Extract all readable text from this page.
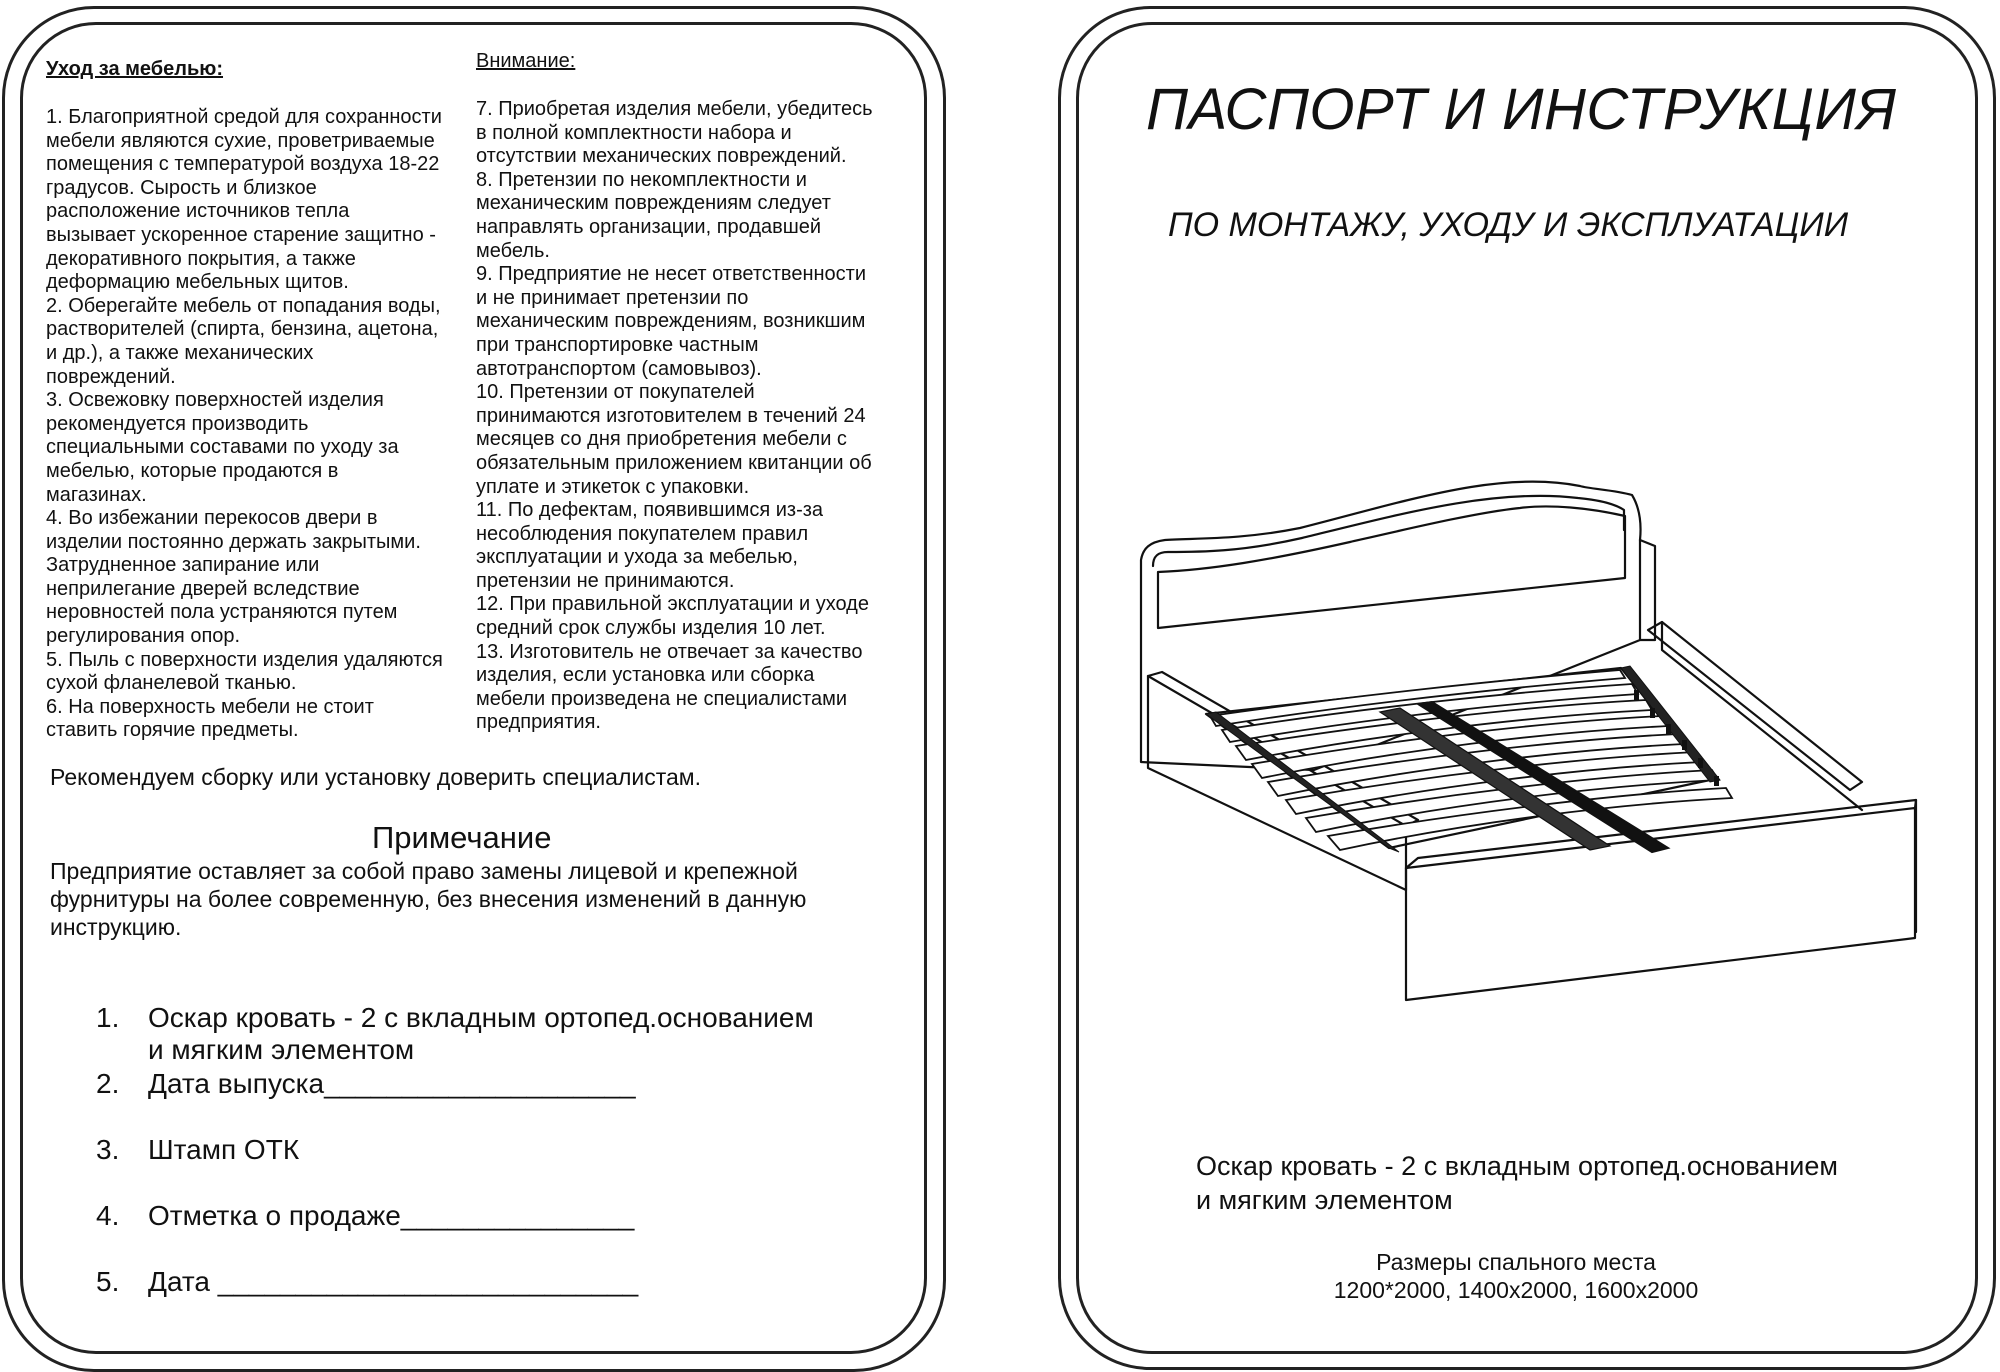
Уход за мебелью:
1. Благоприятной средой для сохранности
мебели являются сухие, проветриваемые
помещения с температурой воздуха 18-22
градусов. Сырость и близкое
расположение источников тепла
вызывает ускоренное старение защитно -
декоративного покрытия, а также
деформацию мебельных щитов.
2. Оберегайте мебель от попадания воды,
растворителей (спирта, бензина, ацетона,
и др.), а также механических
повреждений.
3. Освежовку поверхностей изделия
рекомендуется производить
специальными составами по уходу за
мебелью, которые продаются в
магазинах.
4. Во избежании перекосов двери в
изделии постоянно держать закрытыми.
Затрудненное запирание или
неприлегание дверей вследствие
неровностей пола устраняются путем
регулирования опор.
5. Пыль с поверхности изделия удаляются
сухой фланелевой тканью.
6. На поверхность мебели не стоит
ставить горячие предметы.
Внимание:
7. Приобретая изделия мебели, убедитесь
в полной комплектности набора и
отсутствии механических повреждений.
8. Претензии по некомплектности и
механическим повреждениям следует
направлять организации, продавшей
мебель.
9. Предприятие не несет ответственности
и не принимает претензии по
механическим повреждениям, возникшим
при транспортировке частным
автотранспортом (самовывоз).
10. Претензии от покупателей
принимаются изготовителем в течений 24
месяцев со дня приобретения мебели с
обязательным приложением квитанции об
уплате и этикеток с упаковки.
11. По дефектам, появившимся из-за
несоблюдения покупателем правил
эксплуатации и ухода за мебелью,
претензии не принимаются.
12. При правильной эксплуатации и уходе
средний срок службы изделия 10 лет.
13. Изготовитель не отвечает за качество
изделия, если установка или сборка
мебели произведена не специалистами
предприятия.
Рекомендуем сборку или установку доверить специалистам.
Примечание
Предприятие оставляет за собой право замены лицевой и крепежной
фурнитуры на более современную, без внесения изменений в данную
инструкцию.
1. Оскар кровать - 2 с вкладным ортопед.основанием
и мягким элементом
2. Дата выпуска____________________
3. Штамп ОТК
4. Отметка о продаже_______________
5. Дата ___________________________
ПАСПОРТ И ИНСТРУКЦИЯ
ПО МОНТАЖУ, УХОДУ И ЭКСПЛУАТАЦИИ
Оскар кровать - 2 с вкладным ортопед.основанием
и мягким элементом
Размеры спального места
1200*2000, 1400х2000, 1600х2000
